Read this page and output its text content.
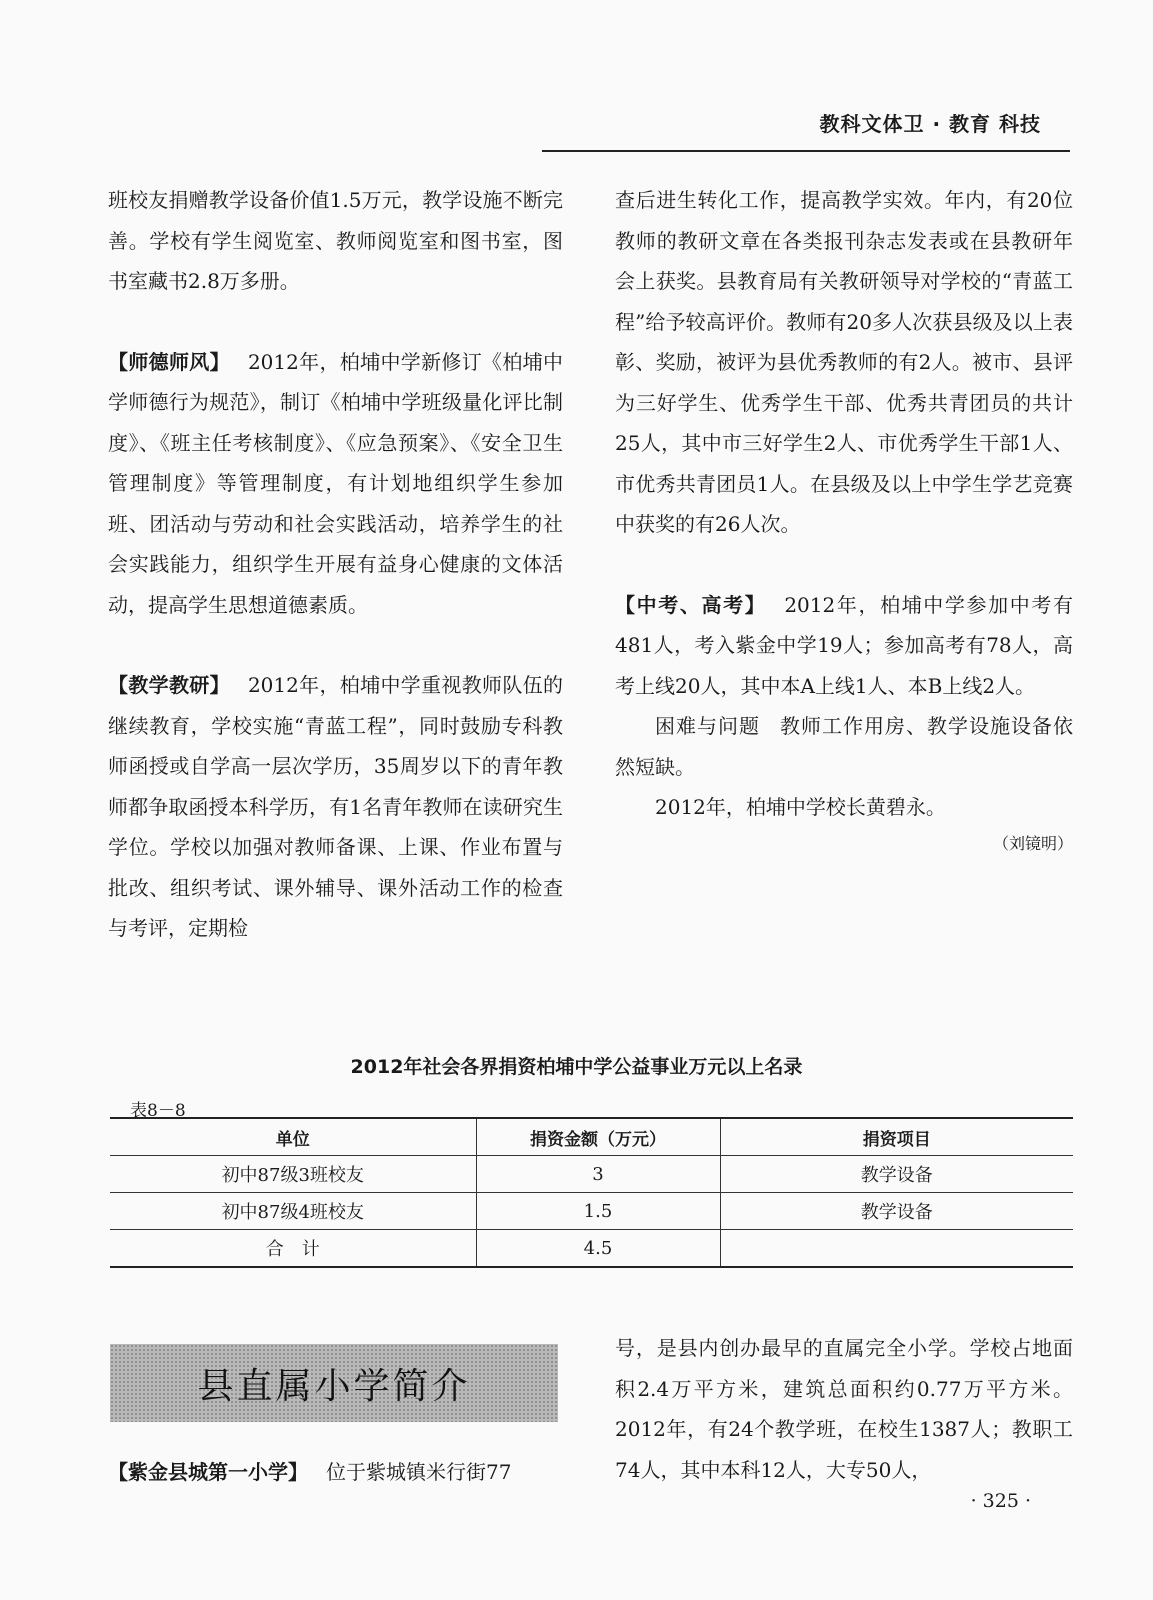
教科文体卫 · 教育 科技

班校友捐赠教学设备价值1.5万元，教学设施不断完善。学校有学生阅览室、教师阅览室和图书室，图书室藏书2.8万多册。

【师德师风】 2012年，柏埔中学新修订《柏埔中学师德行为规范》，制订《柏埔中学班级量化评比制度》、《班主任考核制度》、《应急预案》、《安全卫生管理制度》等管理制度，有计划地组织学生参加班、团活动与劳动和社会实践活动，培养学生的社会实践能力，组织学生开展有益身心健康的文体活动，提高学生思想道德素质。

【教学教研】 2012年，柏埔中学重视教师队伍的继续教育，学校实施“青蓝工程”，同时鼓励专科教师函授或自学高一层次学历，35周岁以下的青年教师都争取函授本科学历，有1名青年教师在读研究生学位。学校以加强对教师备课、上课、作业布置与批改、组织考试、课外辅导、课外活动工作的检查与考评，定期检

查后进生转化工作，提高教学实效。年内，有20位教师的教研文章在各类报刊杂志发表或在县教研年会上获奖。县教育局有关教研领导对学校的“青蓝工程”给予较高评价。教师有20多人次获县级及以上表彰、奖励，被评为县优秀教师的有2人。被市、县评为三好学生、优秀学生干部、优秀共青团员的共计25人，其中市三好学生2人、市优秀学生干部1人、市优秀共青团员1人。在县级及以上中学生学艺竞赛中获奖的有26人次。

【中考、高考】 2012年，柏埔中学参加中考有481人，考入紫金中学19人；参加高考有78人，高考上线20人，其中本A上线1人、本B上线2人。

困难与问题 教师工作用房、教学设施设备依然短缺。

2012年，柏埔中学校长黄碧永。

（刘镜明）

2012年社会各界捐资柏埔中学公益事业万元以上名录
表8－8
单位	捐资金额（万元）	捐资项目
初中87级3班校友	3	教学设备
初中87级4班校友	1.5	教学设备
合　计	4.5	
县直属小学简介
【紫金县城第一小学】 位于紫城镇米行街77

号，是县内创办最早的直属完全小学。学校占地面积2.4万平方米，建筑总面积约0.77万平方米。2012年，有24个教学班，在校生1387人；教职工74人，其中本科12人，大专50人，

· 325 ·
